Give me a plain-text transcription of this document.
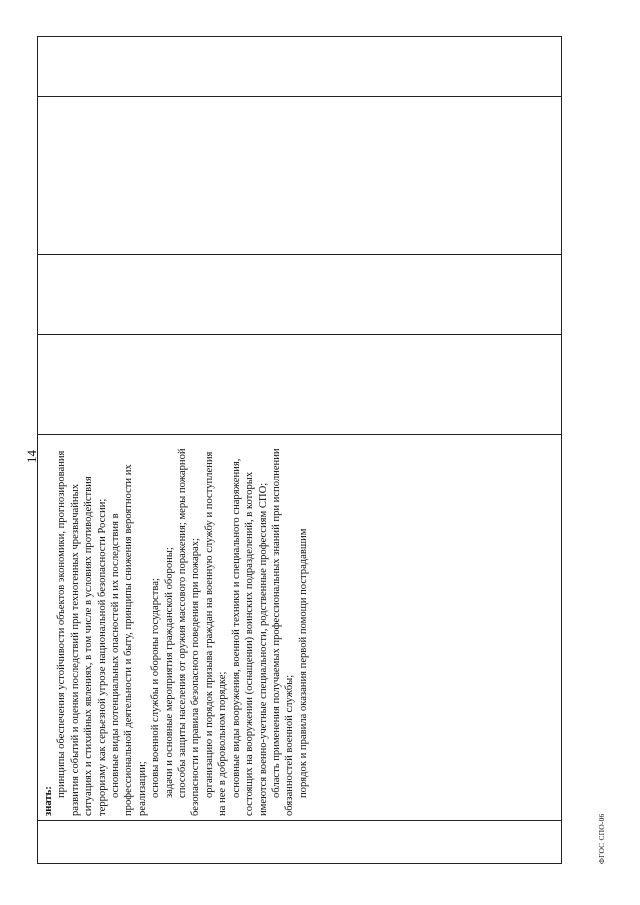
14
знать:
принципы обеспечения устойчивости объектов экономики, прогнозирования развития событий и оценки последствий при техногенных чрезвычайных ситуациях и стихийных явлениях, в том числе в условиях противодействия терроризму как серьезной угрозе национальной безопасности России; основные виды потенциальных опасностей и их последствия в профессиональной деятельности и быту, принципы снижения вероятности их реализации; основы военной службы и обороны государства; задачи и основные мероприятия гражданской обороны; способы защиты населения от оружия массового поражения; меры пожарной безопасности и правила безопасного поведения при пожарах; организацию и порядок призыва граждан на военную службу и поступления на нее в добровольном порядке; основные виды вооружения, военной техники и специального снаряжения, состоящих на вооружении (оснащении) воинских подразделений, в которых имеются военно-учетные специальности, родственные профессиям СПО; область применения получаемых профессиональных знаний при исполнении обязанностей военной службы; порядок и правила оказания первой помощи пострадавшим
ФГОС СПО-06
